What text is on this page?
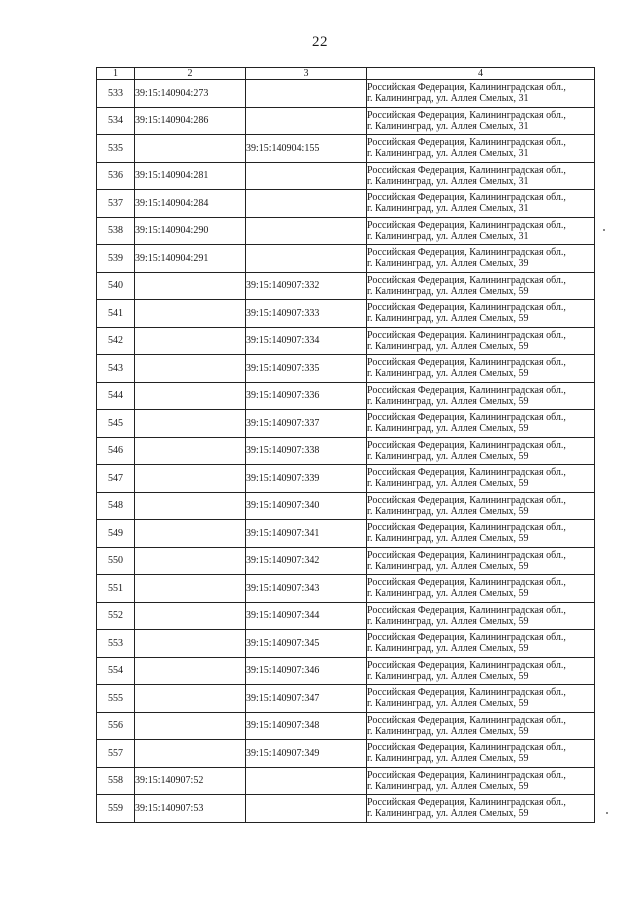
22
1	2	3	4
533	39:15:140904:273		Российская Федерация, Калининградская обл.,
г. Калининград, ул. Аллея Смелых, 31

534	39:15:140904:286		Российская Федерация, Калининградская обл.,
г. Калининград, ул. Аллея Смелых, 31

535		39:15:140904:155	Российская Федерация, Калининградская обл.,
г. Калининград, ул. Аллея Смелых, 31

536	39:15:140904:281		Российская Федерация, Калининградская обл.,
г. Калининград, ул. Аллея Смелых, 31

537	39:15:140904:284		Российская Федерация, Калининградская обл.,
г. Калининград, ул. Аллея Смелых, 31

538	39:15:140904:290		Российская Федерация, Калининградская обл.,
г. Калининград, ул. Аллея Смелых, 31

539	39:15:140904:291		Российская Федерация, Калининградская обл.,
г. Калининград, ул. Аллея Смелых, 39

540		39:15:140907:332	Российская Федерация, Калининградская обл.,
г. Калининград, ул. Аллея Смелых, 59

541		39:15:140907:333	Российская Федерация, Калининградская обл.,
г. Калининград, ул. Аллея Смелых, 59

542		39:15:140907:334	Российская Федерация. Калининградская обл.,
г. Калининград, ул. Аллея Смелых, 59

543		39:15:140907:335	Российская Федерация, Калининградская обл.,
г. Калининград, ул. Аллея Смелых, 59

544		39:15:140907:336	Российская Федерация, Калининградская обл.,
г. Калининград, ул. Аллея Смелых, 59

545		39:15:140907:337	Российская Федерация, Калининградская обл.,
г. Калининград, ул. Аллея Смелых, 59

546		39:15:140907:338	Российская Федерация, Калининградская обл.,
г. Калининград, ул. Аллея Смелых, 59

547		39:15:140907:339	Российская Федерация, Калининградская обл.,
г. Калининград, ул. Аллея Смелых, 59

548		39:15:140907:340	Российская Федерация, Калининградская обл.,
г. Калининград, ул. Аллея Смелых, 59

549		39:15:140907:341	Российская Федерация, Калининградская обл.,
г. Калининград, ул. Аллея Смелых, 59

550		39:15:140907:342	Российская Федерация, Калининградская обл.,
г. Калининград, ул. Аллея Смелых, 59

551		39:15:140907:343	Российская Федерация, Калининградская обл.,
г. Калининград, ул. Аллея Смелых, 59

552		39:15:140907:344	Российская Федерация, Калининградская обл.,
г. Калининград, ул. Аллея Смелых, 59

553		39:15:140907:345	Российская Федерация, Калининградская обл.,
г. Калининград, ул. Аллея Смелых, 59

554		39:15:140907:346	Российская Федерация, Калининградская обл.,
г. Калининград, ул. Аллея Смелых, 59

555		39:15:140907:347	Российская Федерация, Калининградская обл.,
г. Калининград, ул. Аллея Смелых, 59

556		39:15:140907:348	Российская Федерация, Калининградская обл.,
г. Калининград, ул. Аллея Смелых, 59

557		39:15:140907:349	Российская Федерация, Калининградская обл.,
г. Калининград, ул. Аллея Смелых, 59

558	39:15:140907:52		Российская Федерация, Калининградская обл.,
г. Калининград, ул. Аллея Смелых, 59

559	39:15:140907:53		Российская Федерация, Калининградская обл.,
г. Калининград, ул. Аллея Смелых, 59
